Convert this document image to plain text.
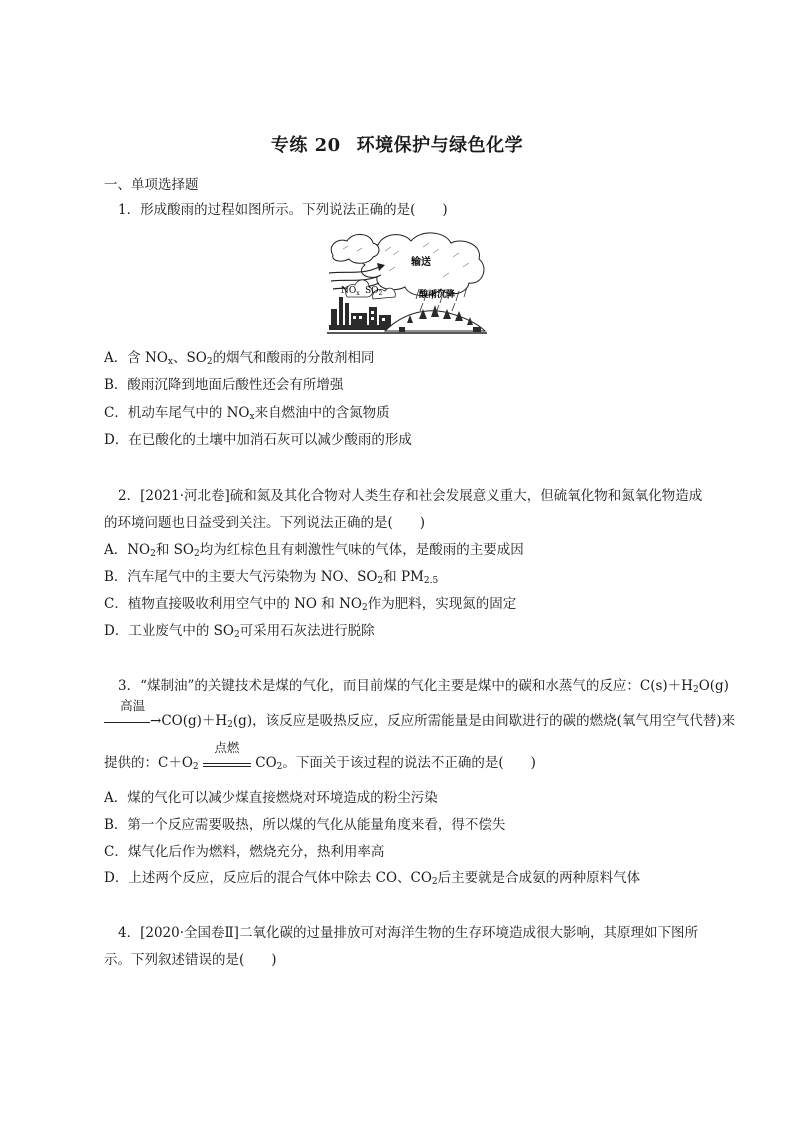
专练 20 环境保护与绿色化学
一、单项选择题
1．形成酸雨的过程如图所示。下列说法正确的是(　　)
输送
$NO_x$ $SO_2$	酸雨沉降
A．含 $NO_x$、$SO_2$的烟气和酸雨的分散剂相同
B．酸雨沉降到地面后酸性还会有所增强
C．机动车尾气中的 $NO_x$来自燃油中的含氮物质
D．在已酸化的土壤中加消石灰可以减少酸雨的形成
2．[2021·河北卷]硫和氮及其化合物对人类生存和社会发展意义重大，但硫氧化物和氮氧化物造成
的环境问题也日益受到关注。下列说法正确的是(　　)
A．$NO_2$和 $SO_2$均为红棕色且有刺激性气味的气体，是酸雨的主要成因
B．汽车尾气中的主要大气污染物为 NO、$SO_2$和 $PM_{2.5}$
C．植物直接吸收利用空气中的 NO 和 $NO_2$作为肥料，实现氮的固定
D．工业废气中的 $SO_2$可采用石灰法进行脱除
3．“煤制油”的关键技术是煤的气化，而目前煤的气化主要是煤中的碳和水蒸气的反应：$C(s)+H_2O(g)$
高温
$\to CO(g)+H_2(g)$，该反应是吸热反应，反应所需能量是由间歇进行的碳的燃烧(氧气用空气代替)来
提供的：$C+O_2$
点燃
$CO_2$。下面关于该过程的说法不正确的是(　　)
A．煤的气化可以减少煤直接燃烧对环境造成的粉尘污染
B．第一个反应需要吸热，所以煤的气化从能量角度来看，得不偿失
C．煤气化后作为燃料，燃烧充分，热利用率高
D．上述两个反应，反应后的混合气体中除去 CO、$CO_2$后主要就是合成氨的两种原料气体
4．[2020·全国卷Ⅱ]二氧化碳的过量排放可对海洋生物的生存环境造成很大影响，其原理如下图所
示。下列叙述错误的是(　　)
